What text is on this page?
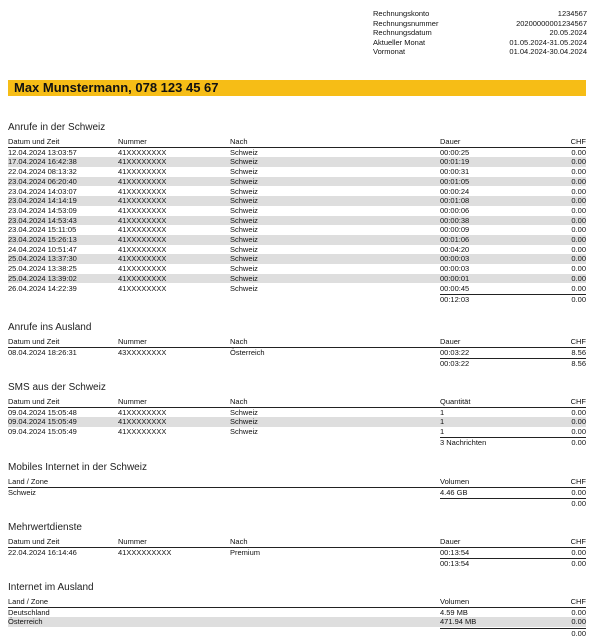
Rechnungskonto	1234567
Rechnungsnummer	20200000001234567
Rechnungsdatum	20.05.2024
Aktueller Monat	01.05.2024-31.05.2024
Vormonat	01.04.2024-30.04.2024
Max Munstermann, 078 123 45 67
Anrufe in der Schweiz
Datum und Zeit	Nummer	Nach	Dauer	CHF
12.04.2024 13:03:57	41XXXXXXXX	Schweiz	00:00:25	0.00
17.04.2024 16:42:38	41XXXXXXXX	Schweiz	00:01:19	0.00
22.04.2024 08:13:32	41XXXXXXXX	Schweiz	00:00:31	0.00
23.04.2024 06:20:40	41XXXXXXXX	Schweiz	00:01:05	0.00
23.04.2024 14:03:07	41XXXXXXXX	Schweiz	00:00:24	0.00
23.04.2024 14:14:19	41XXXXXXXX	Schweiz	00:01:08	0.00
23.04.2024 14:53:09	41XXXXXXXX	Schweiz	00:00:06	0.00
23.04.2024 14:53:43	41XXXXXXXX	Schweiz	00:00:38	0.00
23.04.2024 15:11:05	41XXXXXXXX	Schweiz	00:00:09	0.00
23.04.2024 15:26:13	41XXXXXXXX	Schweiz	00:01:06	0.00
24.04.2024 10:51:47	41XXXXXXXX	Schweiz	00:04:20	0.00
25.04.2024 13:37:30	41XXXXXXXX	Schweiz	00:00:03	0.00
25.04.2024 13:38:25	41XXXXXXXX	Schweiz	00:00:03	0.00
25.04.2024 13:39:02	41XXXXXXXX	Schweiz	00:00:01	0.00
26.04.2024 14:22:39	41XXXXXXXX	Schweiz	00:00:45	0.00
00:12:03	0.00
Anrufe ins Ausland
Datum und Zeit	Nummer	Nach	Dauer	CHF
08.04.2024 18:26:31	43XXXXXXXX	Österreich	00:03:22	8.56
00:03:22	8.56
SMS aus der Schweiz
Datum und Zeit	Nummer	Nach	Quantität	CHF
09.04.2024 15:05:48	41XXXXXXXX	Schweiz	1	0.00
09.04.2024 15:05:49	41XXXXXXXX	Schweiz	1	0.00
09.04.2024 15:05:49	41XXXXXXXX	Schweiz	1	0.00
3 Nachrichten	0.00
Mobiles Internet in der Schweiz
Land / Zone	Volumen	CHF
Schweiz	4.46 GB	0.00
0.00
Mehrwertdienste
Datum und Zeit	Nummer	Nach	Dauer	CHF
22.04.2024 16:14:46	41XXXXXXXXX	Premium	00:13:54	0.00
00:13:54	0.00
Internet im Ausland
Land / Zone	Volumen	CHF
Deutschland	4.59 MB	0.00
Österreich	471.94 MB	0.00
0.00
